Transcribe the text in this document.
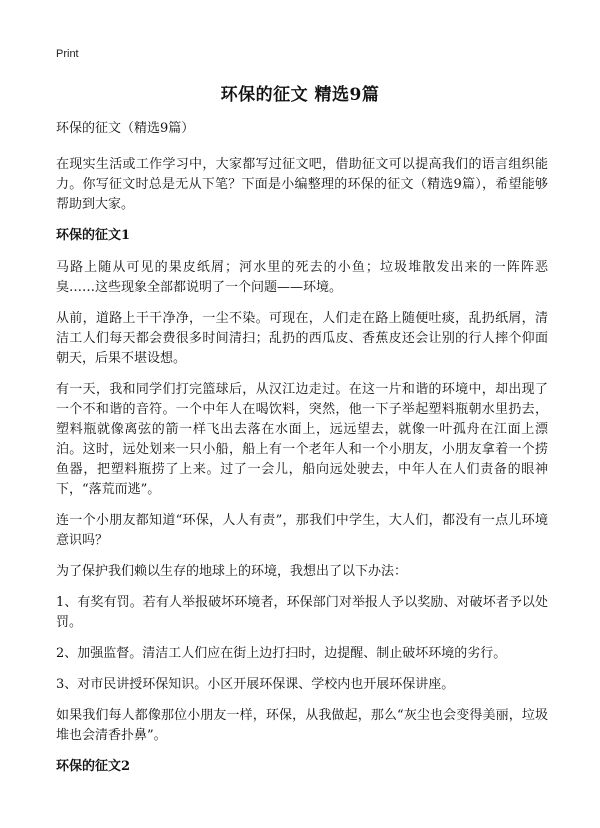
Print
环保的征文 精选9篇

环保的征文（精选9篇）

在现实生活或工作学习中，大家都写过征文吧，借助征文可以提高我们的语言组织能力。你写征文时总是无从下笔？下面是小编整理的环保的征文（精选9篇），希望能够帮助到大家。

环保的征文1

马路上随从可见的果皮纸屑；河水里的死去的小鱼；垃圾堆散发出来的一阵阵恶臭……这些现象全部都说明了一个问题——环境。

从前，道路上干干净净，一尘不染。可现在，人们走在路上随便吐痰，乱扔纸屑，清洁工人们每天都会费很多时间清扫；乱扔的西瓜皮、香蕉皮还会让别的行人摔个仰面朝天，后果不堪设想。

有一天，我和同学们打完篮球后，从汉江边走过。在这一片和谐的环境中，却出现了一个不和谐的音符。一个中年人在喝饮料，突然，他一下子举起塑料瓶朝水里扔去，塑料瓶就像离弦的箭一样飞出去落在水面上，远远望去，就像一叶孤舟在江面上漂泊。这时，远处划来一只小船，船上有一个老年人和一个小朋友，小朋友拿着一个捞鱼器，把塑料瓶捞了上来。过了一会儿，船向远处驶去，中年人在人们责备的眼神下，“落荒而逃”。

连一个小朋友都知道“环保，人人有责”，那我们中学生，大人们，都没有一点儿环境意识吗？

为了保护我们赖以生存的地球上的环境，我想出了以下办法：

1、有奖有罚。若有人举报破坏环境者，环保部门对举报人予以奖励、对破坏者予以处罚。

2、加强监督。清洁工人们应在街上边打扫时，边提醒、制止破坏环境的劣行。

3、对市民讲授环保知识。小区开展环保课、学校内也开展环保讲座。

如果我们每人都像那位小朋友一样，环保，从我做起，那么“灰尘也会变得美丽，垃圾堆也会清香扑鼻”。

环保的征文2
